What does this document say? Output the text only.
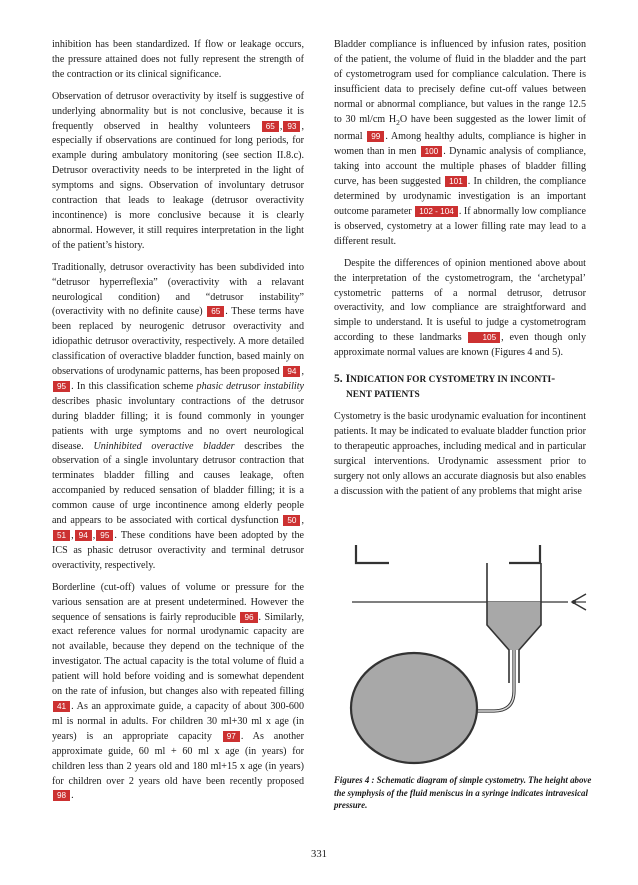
inhibition has been standardized. If flow or leakage occurs, the pressure attained does not fully represent the strength of the contraction or its clinical significance.

Observation of detrusor overactivity by itself is suggestive of underlying abnormality but is not conclusive, because it is frequently observed in healthy volunteers 65 , 93 , especially if observations are continued for long periods, for example during ambulatory monitoring (see section II.8.c). Detrusor overactivity needs to be interpreted in the light of symptoms and signs. Observation of involuntary detrusor contraction that leads to leakage (detrusor overactivity incontinence) is more conclusive because it is clearly abnormal. However, it still requires interpretation in the light of the patient’s history.

Traditionally, detrusor overactivity has been subdivided into “detrusor hyperreflexia” (overactivity with a relavant neurological condition) and “detrusor instability” (overactivity with no definite cause) 65 . These terms have been replaced by neurogenic detrusor overactivity and idiopathic detrusor overactivity, respectively. A more detailed classification of overactive bladder function, based mainly on observations of urodynamic patterns, has been proposed 94 ,95 . In this classification scheme phasic detrusor instability describes phasic involuntary contractions of the detrusor during bladder filling; it is found commonly in younger patients with urge symptoms and no overt neurological disease. Uninhibited overactive bladder describes the observation of a single involuntary detrusor contraction that terminates bladder filling and causes leakage, often accompanied by reduced sensation of bladder filling; it is a common cause of urge incontinence among elderly people and appears to be associated with cortical dysfunction 50 ,51 , 94 , 95 . These conditions have been adopted by the ICS as phasic detrusor overactivity and terminal detrusor overactivity, respectively.

Borderline (cut-off) values of volume or pressure for the various sensation are at present undetermined. However the sequence of sensations is fairly reproducible 96 . Similarly, exact reference values for normal urodynamic capacity are not available, because they depend on the technique of the investigator. The actual capacity is the total volume of fluid a patient will hold before voiding and is somewhat dependent on the rate of infusion, but changes also with repeated filling 41 . As an approximate guide, a capacity of about 300-600 ml is normal in adults. For children 30 ml+30 ml x age (in years) is an appropriate capacity 97 . As another approximate guide, 60 ml + 60 ml x age (in years) for children less than 2 years old and 180 ml+15 x age (in years) for children over 2 years old have been recently proposed 98 .

Bladder compliance is influenced by infusion rates, position of the patient, the volume of fluid in the bladder and the part of cystometrogram used for compliance calculation. There is insufficient data to precisely define cut-off values between normal or abnormal compliance, but values in the range 12.5 to 30 ml/cm $H_2O$ have been suggested as the lower limit of normal 99 . Among healthy adults, compliance is higher in women than in men 100 . Dynamic analysis of compliance, taking into account the multiple phases of bladder filling curve, has been suggested 101 . In children, the compliance determined by urodynamic investigation is an important outcome parameter 102 - 104 . If abnormally low compliance is observed, cystometry at a lower filling rate may lead to a different result.

Despite the differences of opinion mentioned above about the interpretation of the cystometrogram, the ‘archetypal’ cystometric patterns of a normal detrusor, detrusor overactivity, and low compliance are straightforward and simple to understand. It is useful to judge a cystometrogram according to these landmarks	105 , even though only approximate normal values are known (Figures 4 and 5).

5. INDICATION FOR CYSTOMETRY IN INCONTI-
NENT PATIENTS

Cystometry is the basic urodynamic evaluation for incontinent patients. It may be indicated to evaluate bladder function prior to therapeutic approaches, including medical and in particular surgical interventions. Urodynamic assessment prior to surgery not only allows an accurate diagnosis but also enables a discussion with the patient of any problems that might arise

Figures 4 : Schematic diagram of simple cystometry. The height above the symphysis of the fluid meniscus in a syringe indicates intravesical pressure.
331
